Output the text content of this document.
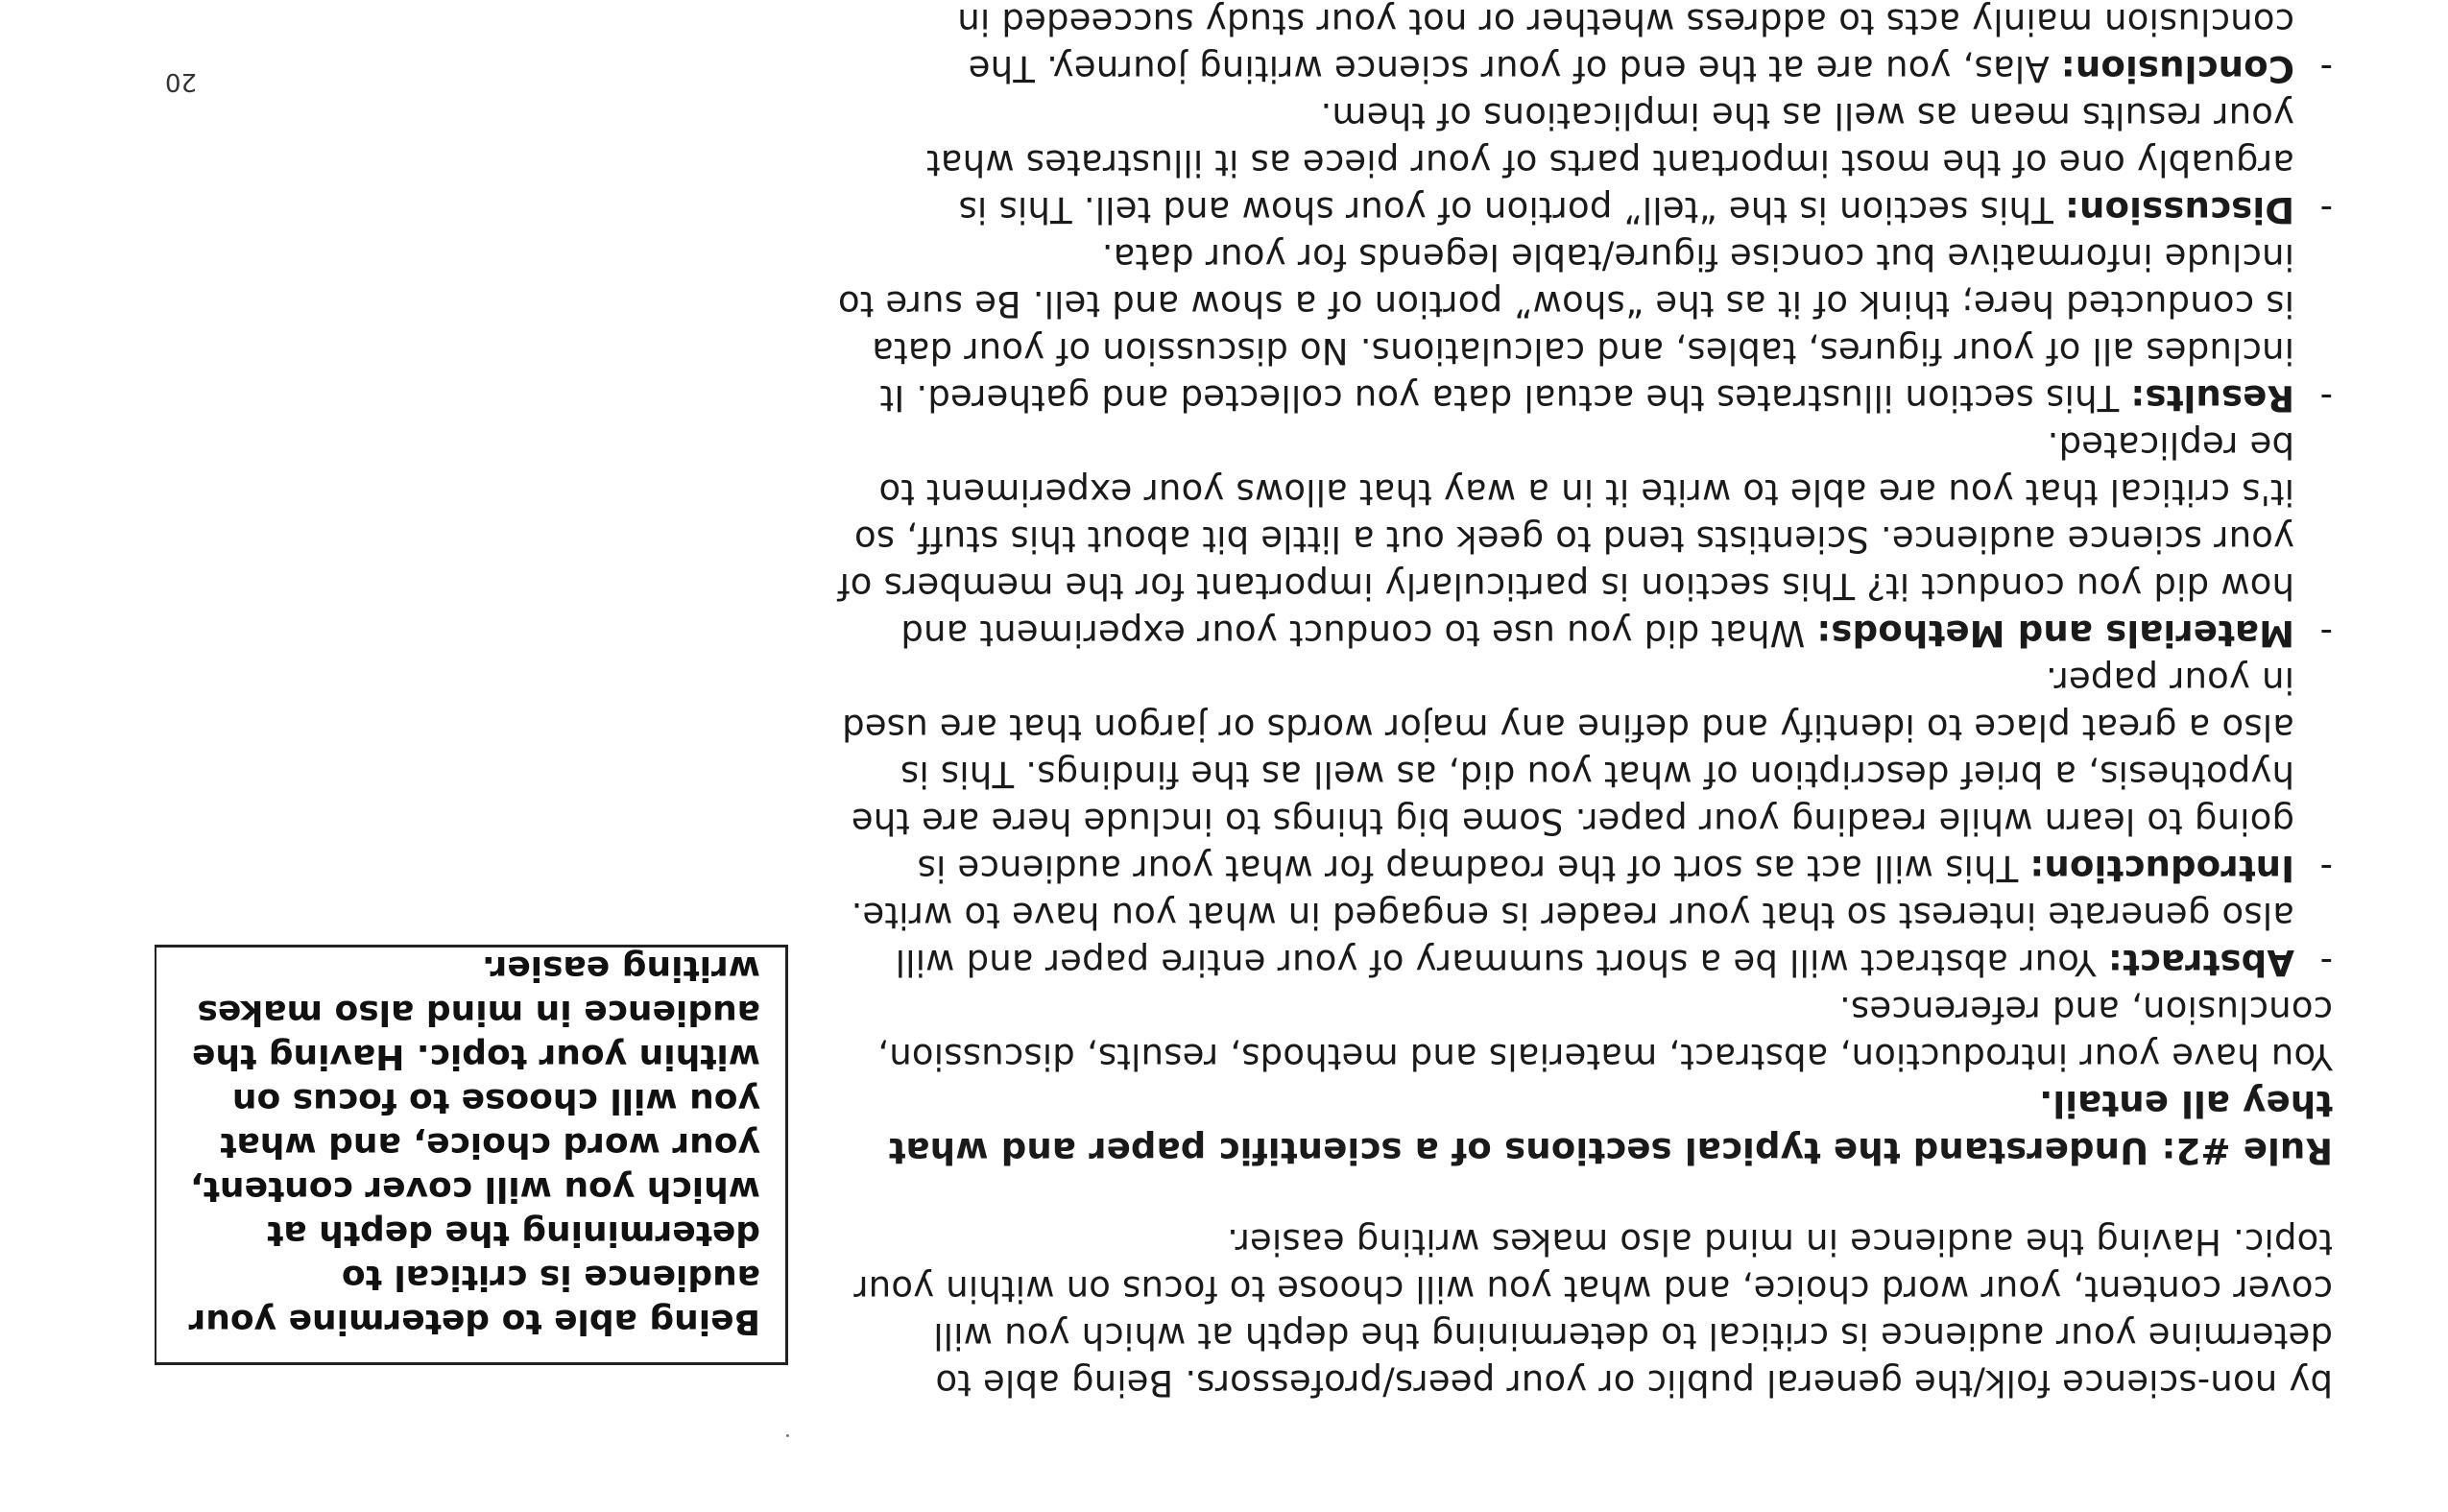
by non-science folk/the general public or your peers/professors. Being able to determine your audience is critical to determining the depth at which you will cover content, your word choice, and what you will choose to focus on within your topic. Having the audience in mind also makes writing easier.

Rule #2: Understand the typical sections of a scientific paper and what they all entail.

You have your introduction, abstract, materials and methods, results, discussion, conclusion, and references.

-
Abstract: Your abstract will be a short summary of your entire paper and will also generate interest so that your reader is engaged in what you have to write.
-
Introduction: This will act as sort of the roadmap for what your audience is going to learn while reading your paper. Some big things to include here are the hypothesis, a brief description of what you did, as well as the findings. This is also a great place to identify and define any major words or jargon that are used in your paper.
-
Materials and Methods: What did you use to conduct your experiment and how did you conduct it? This section is particularly important for the members of your science audience. Scientists tend to geek out a little bit about this stuff, so it's critical that you are able to write it in a way that allows your experiment to be replicated.
-
Results: This section illustrates the actual data you collected and gathered. It includes all of your figures, tables, and calculations. No discussion of your data is conducted here; think of it as the “show” portion of a show and tell. Be sure to include informative but concise figure/table legends for your data.
-
Discussion: This section is the “tell” portion of your show and tell. This is arguably one of the most important parts of your piece as it illustrates what your results mean as well as the implications of them.
-
Conclusion: Alas, you are at the end of your science writing journey. The conclusion mainly acts to address whether or not your study succeeded in
Being able to determine your audience is critical to determining the depth at which you will cover content, your word choice, and what you will choose to focus on within your topic. Having the audience in mind also makes writing easier.
20
